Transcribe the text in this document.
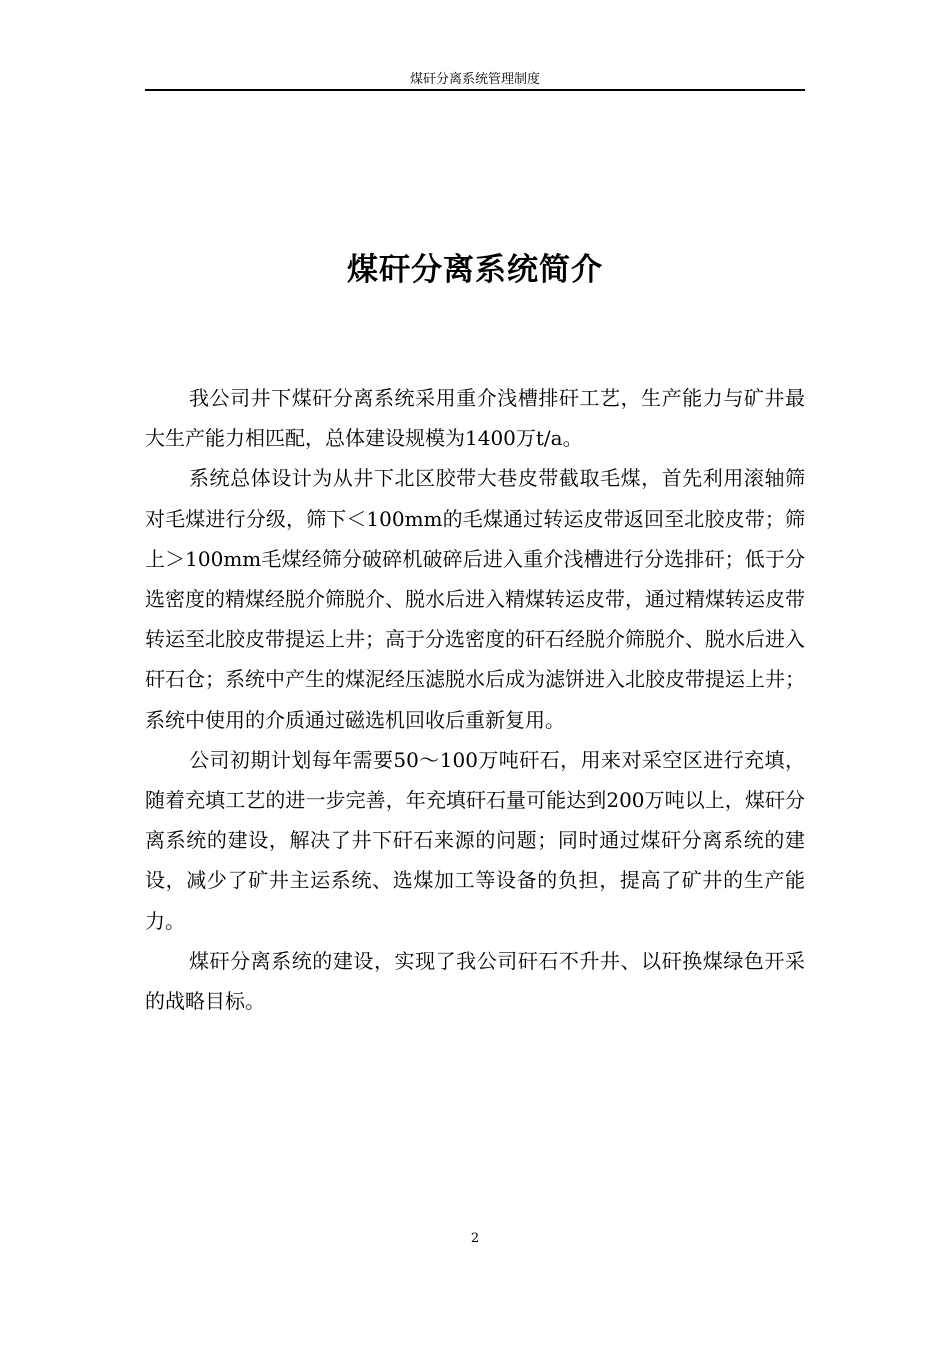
煤矸分离系统管理制度
煤矸分离系统简介

我公司井下煤矸分离系统采用重介浅槽排矸工艺，生产能力与矿井最大生产能力相匹配，总体建设规模为1400万t/a。

系统总体设计为从井下北区胶带大巷皮带截取毛煤，首先利用滚轴筛对毛煤进行分级，筛下＜100mm的毛煤通过转运皮带返回至北胶皮带；筛上＞100mm毛煤经筛分破碎机破碎后进入重介浅槽进行分选排矸；低于分选密度的精煤经脱介筛脱介、脱水后进入精煤转运皮带，通过精煤转运皮带转运至北胶皮带提运上井；高于分选密度的矸石经脱介筛脱介、脱水后进入矸石仓；系统中产生的煤泥经压滤脱水后成为滤饼进入北胶皮带提运上井；系统中使用的介质通过磁选机回收后重新复用。

公司初期计划每年需要50～100万吨矸石，用来对采空区进行充填，随着充填工艺的进一步完善，年充填矸石量可能达到200万吨以上，煤矸分离系统的建设，解决了井下矸石来源的问题；同时通过煤矸分离系统的建设，减少了矿井主运系统、选煤加工等设备的负担，提高了矿井的生产能力。

煤矸分离系统的建设，实现了我公司矸石不升井、以矸换煤绿色开采的战略目标。

2
